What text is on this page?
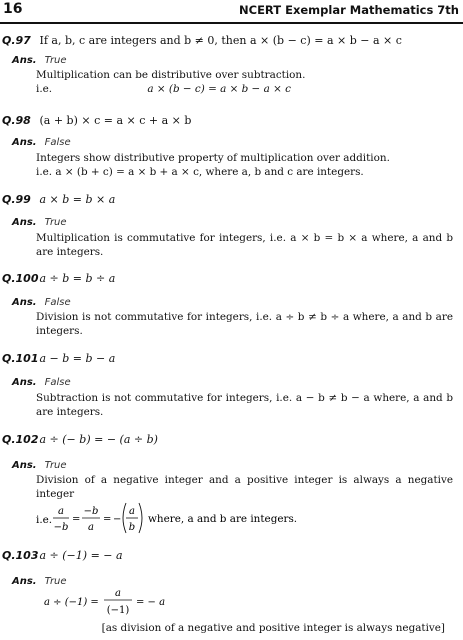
16	NCERT Exemplar Mathematics 7th
Q.97 If a, b, c are integers and b ≠ 0, then a × (b − c) = a × b − a × c
Ans. True
Multiplication can be distributive over subtraction.
i.e.	a × (b − c) = a × b − a × c
Q.98 (a + b) × c = a × c + a × b
Ans. False
Integers show distributive property of multiplication over addition.
i.e. a × (b + c) = a × b + a × c, where a, b and c are integers.
Q.99 a × b = b × a
Ans. True
Multiplication is commutative for integers, i.e. a × b = b × a where, a and b are integers.
Q.100 a ÷ b = b ÷ a
Ans. False
Division is not commutative for integers, i.e. a ÷ b ≠ b ÷ a where, a and b are integers.
Q.101 a − b = b − a
Ans. False
Subtraction is not commutative for integers, i.e. a − b ≠ b − a where, a and b are integers.
Q.102 a ÷ (− b) = − (a ÷ b)
Ans. True
Division of a negative integer and a positive integer is always a negative integer
i.e.
a
−b
=
−b
a
= −
a
b
where, a and b are integers.
Q.103 a ÷ (−1) = − a
Ans. True
a ÷ (−1) =
a
(−1)
= − a
[as division of a negative and positive integer is always negative]
